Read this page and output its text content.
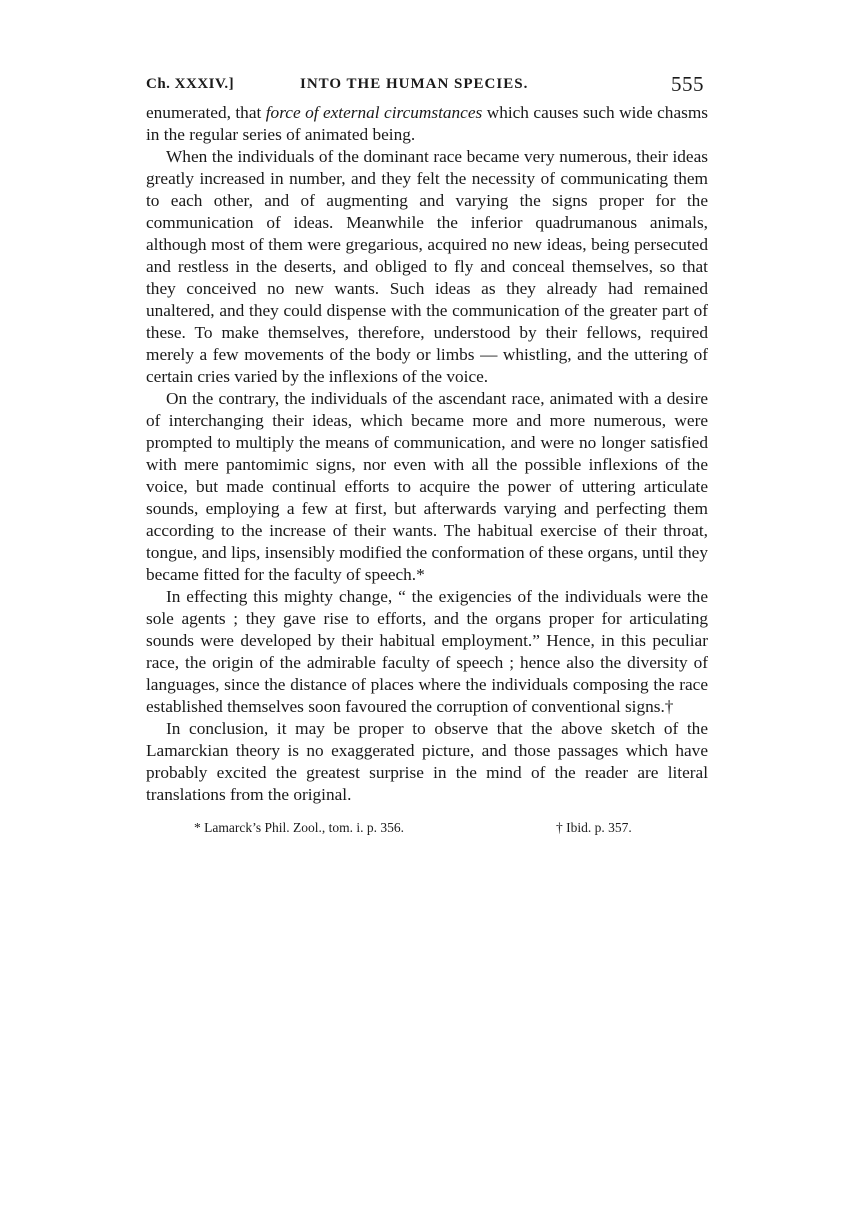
Ch. XXXIV.]	INTO THE HUMAN SPECIES.	555

enumerated, that force of external circumstances which causes such wide chasms in the regular series of animated being.

When the individuals of the dominant race became very numerous, their ideas greatly increased in number, and they felt the necessity of communicating them to each other, and of augmenting and varying the signs proper for the communication of ideas. Meanwhile the inferior quadrumanous animals, although most of them were gregarious, acquired no new ideas, being persecuted and restless in the deserts, and obliged to fly and conceal themselves, so that they conceived no new wants. Such ideas as they already had remained unaltered, and they could dispense with the communication of the greater part of these. To make themselves, therefore, understood by their fellows, required merely a few movements of the body or limbs — whistling, and the uttering of certain cries varied by the inflexions of the voice.

On the contrary, the individuals of the ascendant race, animated with a desire of interchanging their ideas, which became more and more numerous, were prompted to multiply the means of communication, and were no longer satisfied with mere pantomimic signs, nor even with all the possible inflexions of the voice, but made continual efforts to acquire the power of uttering articulate sounds, employing a few at first, but afterwards varying and perfecting them according to the increase of their wants. The habitual exercise of their throat, tongue, and lips, insensibly modified the conformation of these organs, until they became fitted for the faculty of speech.*

In effecting this mighty change, “ the exigencies of the individuals were the sole agents ; they gave rise to efforts, and the organs proper for articulating sounds were developed by their habitual employment.” Hence, in this peculiar race, the origin of the admirable faculty of speech ; hence also the diversity of languages, since the distance of places where the individuals composing the race established themselves soon favoured the corruption of conventional signs.†

In conclusion, it may be proper to observe that the above sketch of the Lamarckian theory is no exaggerated picture, and those passages which have probably excited the greatest surprise in the mind of the reader are literal translations from the original.

* Lamarck’s Phil. Zool., tom. i. p. 356.	† Ibid. p. 357.
